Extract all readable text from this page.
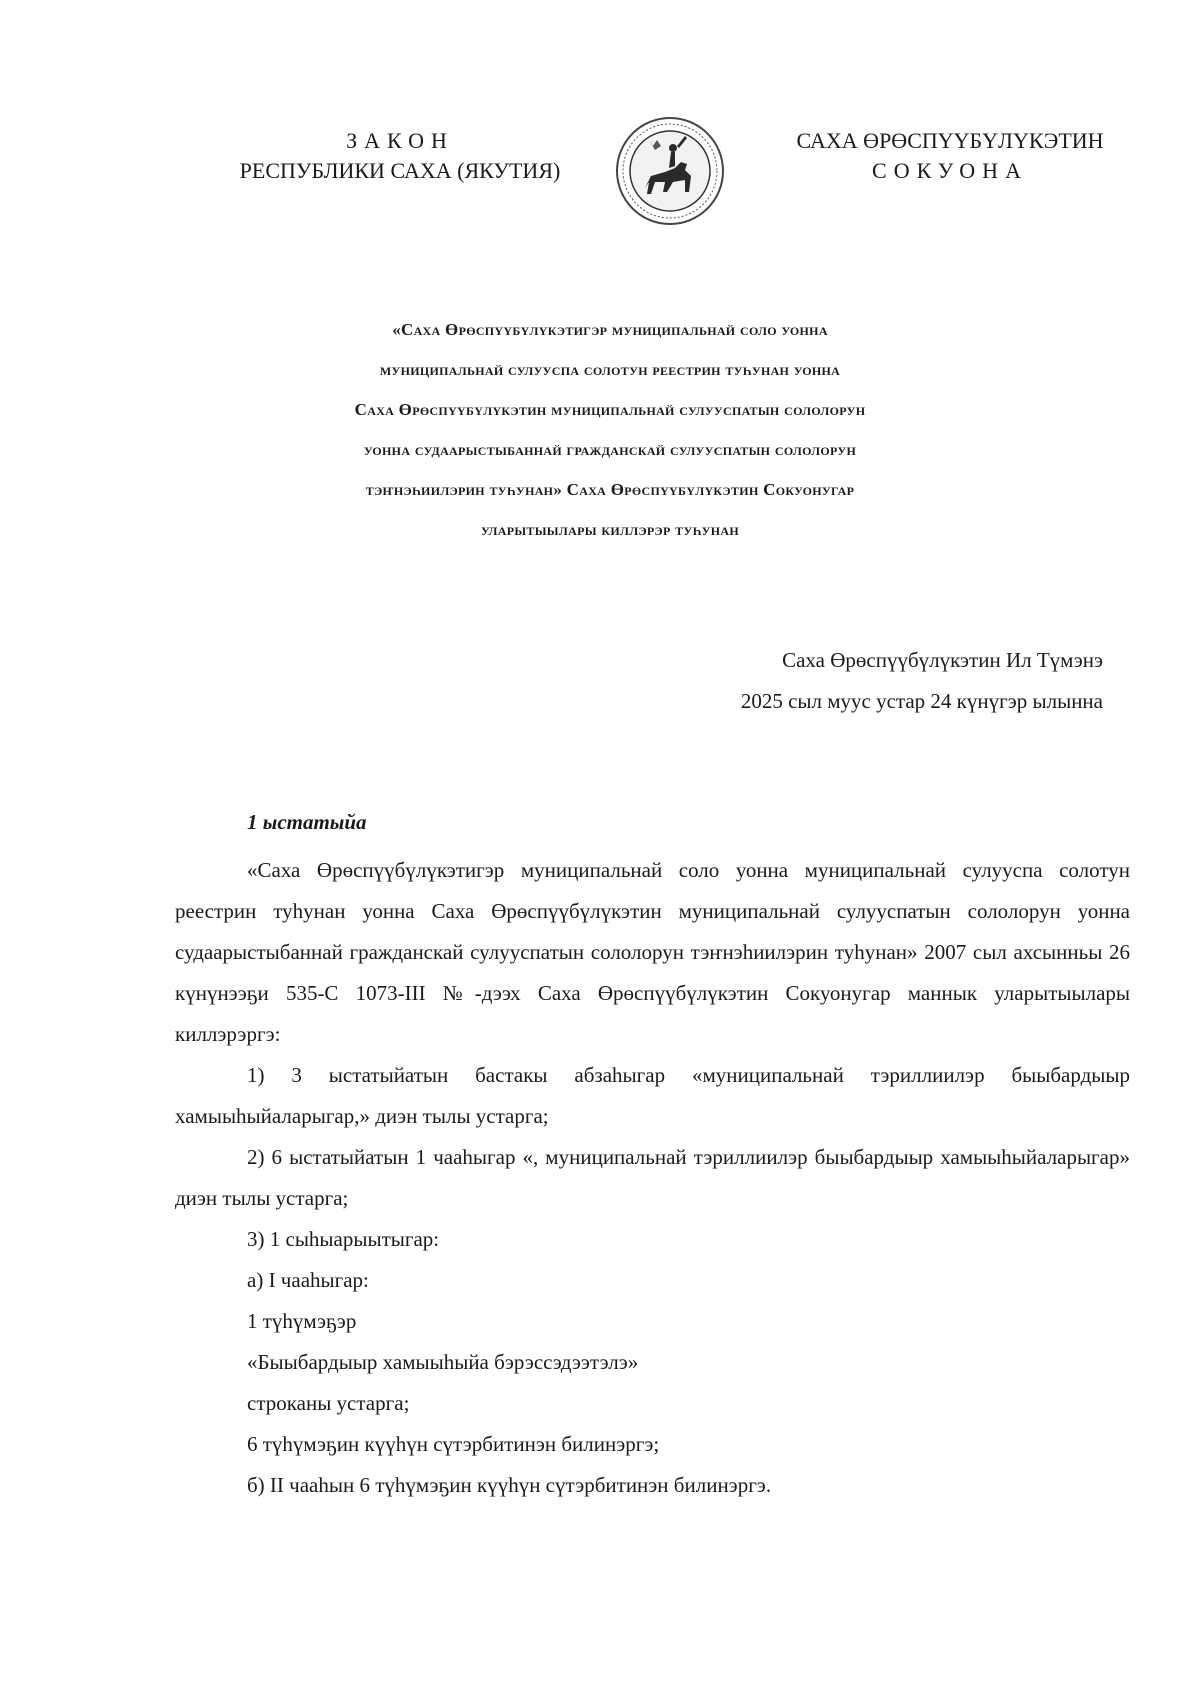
ЗАКОН
РЕСПУБЛИКИ САХА (ЯКУТИЯ)
САХА ӨРӨСПҮҮБҮЛҮКЭТИН
СОКУОНА
«Саха Өрөспүүбүлүкэтигэр муниципальнай соло уонна
муниципальнай сулууспа солотун реестрин туһунан уонна
Саха Өрөспүүбүлүкэтин муниципальнай сулууспатын сололорун
уонна судаарыстыбаннай гражданскай сулууспатын сололорун
тэҥнэһиилэрин туһунан» Саха Өрөспүүбүлүкэтин Сокуонугар
уларытыылары киллэрэр туһунан
Саха Өрөспүүбүлүкэтин Ил Түмэнэ
2025 сыл муус устар 24 күнүгэр ылынна
1 ыстатыйа

«Саха Өрөспүүбүлүкэтигэр муниципальнай соло уонна муниципальнай сулууспа солотун реестрин туһунан уонна Саха Өрөспүүбүлүкэтин муниципальнай сулууспатын сололорун уонна судаарыстыбаннай гражданскай сулууспатын сололорун тэҥнэһиилэрин туһунан» 2007 сыл ахсынньы 26 күнүнээҕи 535-С 1073-III №-дээх Саха Өрөспүүбүлүкэтин Сокуонугар маннык уларытыылары киллэрэргэ:

1) 3 ыстатыйатын бастакы абзаһыгар «муниципальнай тэриллиилэр быыбардыыр хамыыһыйаларыгар,» диэн тылы устарга;

2) 6 ыстатыйатын 1 чааһыгар «, муниципальнай тэриллиилэр быыбардыыр хамыыһыйаларыгар» диэн тылы устарга;

3) 1 сыһыарыытыгар:

а) I чааһыгар:

1 түһүмэҕэр

«Быыбардыыр хамыыһыйа бэрэссэдээтэлэ»

строканы устарга;

6 түһүмэҕин күүһүн сүтэрбитинэн билинэргэ;

б) II чааһын 6 түһүмэҕин күүһүн сүтэрбитинэн билинэргэ.
